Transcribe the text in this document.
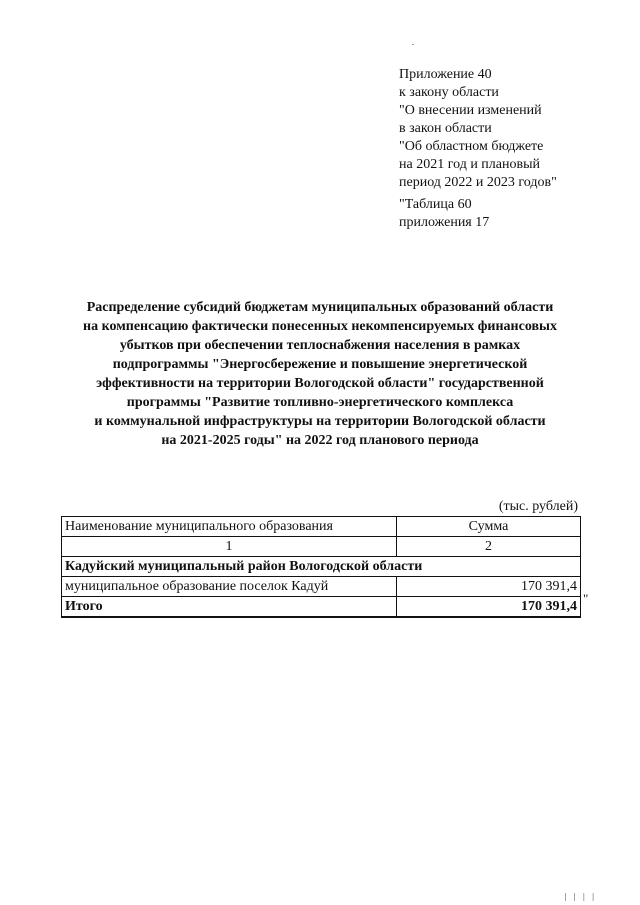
Приложение 40
к закону области
"О внесении изменений
в закон области
"Об областном бюджете
на 2021 год и плановый
период 2022 и 2023 годов"
"Таблица 60
приложения 17
Распределение субсидий бюджетам муниципальных образований области
на компенсацию фактически понесенных некомпенсируемых финансовых
убытков при обеспечении теплоснабжения населения в рамках
подпрограммы "Энергосбережение и повышение энергетической
эффективности на территории Вологодской области" государственной
программы "Развитие топливно-энергетического комплекса
и коммунальной инфраструктуры на территории Вологодской области
на 2021-2025 годы" на 2022 год планового периода
(тыс. рублей)
Наименование муниципального образования	Сумма
1	2
Кадуйский муниципальный район Вологодской области	
муниципальное образование поселок Кадуй	170 391,4
Итого	170 391,4 "
| | | |
